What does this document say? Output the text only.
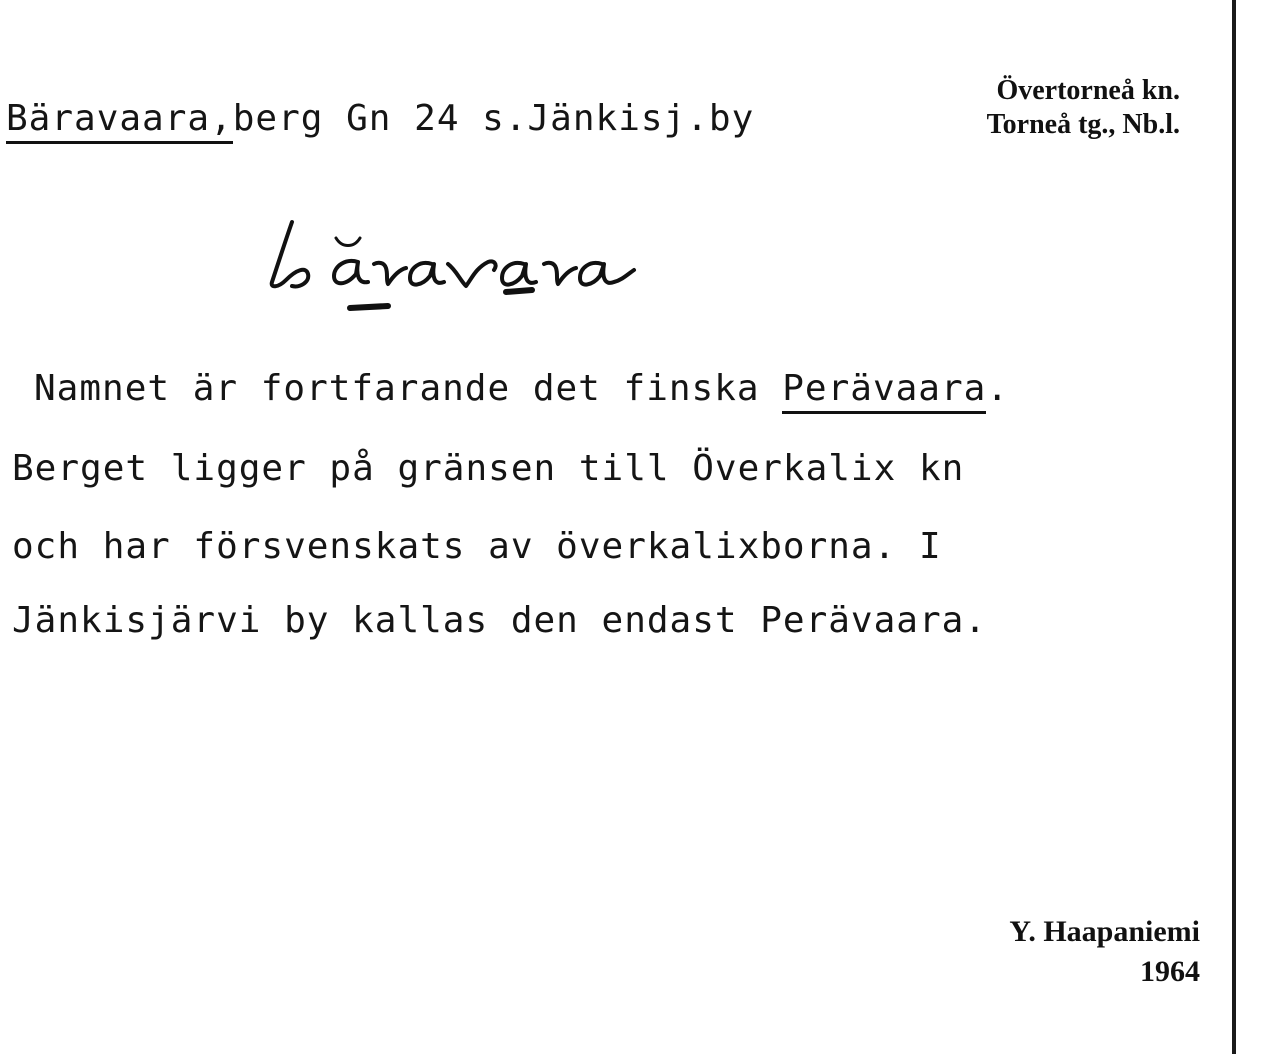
Bäravaara,berg Gn 24 s.Jänkisj.by
Övertorneå kn.
Torneå tg., Nb.l.
Namnet är fortfarande det finska Perävaara.
Berget ligger på gränsen till Överkalix kn
och har försvenskats av överkalixborna. I
Jänkisjärvi by kallas den endast Perävaara.
Y. Haapaniemi
1964
